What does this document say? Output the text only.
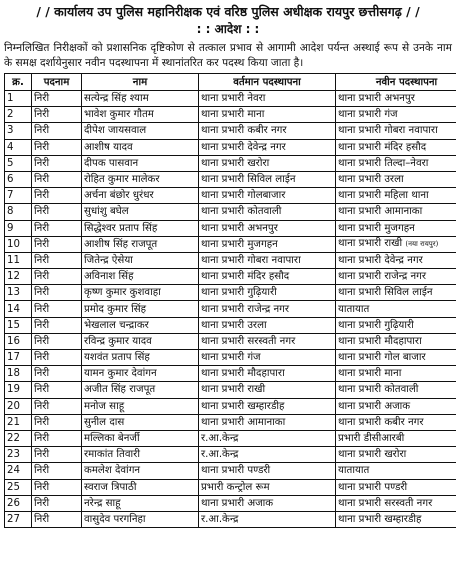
/ / कार्यालय उप पुलिस महानिरीक्षक एवं वरिष्ठ पुलिस अधीक्षक रायपुर छत्तीसगढ़ / /
: : आदेश : :
निम्नलिखित निरीक्षकों को प्रशासनिक दृष्टिकोण से तत्काल प्रभाव से आगामी आदेश पर्यन्त अस्थाई रूप से उनके नाम के समक्ष दर्शायेनुसार नवीन पदस्थापना में स्थानांतरित कर पदस्थ किया जाता है।
क्र.	पदनाम	नाम	वर्तमान पदस्थापना	नवीन पदस्थापना
1	निरी	सत्येन्द्र सिंह श्याम	थाना प्रभारी नेवरा	थाना प्रभारी अभनपुर
2	निरी	भावेश कुमार गौतम	थाना प्रभारी माना	थाना प्रभारी गंज
3	निरी	दीपेश जायसवाल	थाना प्रभारी कबीर नगर	थाना प्रभारी गोबरा नवापारा
4	निरी	आशीष यादव	थाना प्रभारी देवेन्द्र नगर	थाना प्रभारी मंदिर हसौद
5	निरी	दीपक पासवान	थाना प्रभारी खरोरा	थाना प्रभारी तिल्दा–नेवरा
6	निरी	रोहित कुमार मालेकर	थाना प्रभारी सिविल लाईन	थाना प्रभारी उरला
7	निरी	अर्चना बंछोर धुरंधर	थाना प्रभारी गोलबाजार	थाना प्रभारी महिला थाना
8	निरी	सुधांशु बघेल	थाना प्रभारी कोतवाली	थाना प्रभारी आमानाका
9	निरी	सिद्धेश्वर प्रताप सिंह	थाना प्रभारी अभनपुर	थाना प्रभारी मुजगहन
10	निरी	आशीष सिंह राजपूत	थाना प्रभारी मुजगहन	थाना प्रभारी राखी (नया रायपुर)
11	निरी	जितेन्द्र ऐसेया	थाना प्रभारी गोबरा नवापारा	थाना प्रभारी देवेन्द्र नगर
12	निरी	अविनाश सिंह	थाना प्रभारी मंदिर हसौद	थाना प्रभारी राजेन्द्र नगर
13	निरी	कृष्ण कुमार कुशवाहा	थाना प्रभारी गुढ़ियारी	थाना प्रभारी सिविल लाईन
14	निरी	प्रमोद कुमार सिंह	थाना प्रभारी राजेन्द्र नगर	यातायात
15	निरी	भेखलाल चन्द्राकर	थाना प्रभारी उरला	थाना प्रभारी गुढ़ियारी
16	निरी	रविन्द्र कुमार यादव	थाना प्रभारी सरस्वती नगर	थाना प्रभारी मौदहापारा
17	निरी	यशवंत प्रताप सिंह	थाना प्रभारी गंज	थाना प्रभारी गोल बाजार
18	निरी	यामन कुमार देवांगन	थाना प्रभारी मौदहापारा	थाना प्रभारी माना
19	निरी	अजीत सिंह राजपूत	थाना प्रभारी राखी	थाना प्रभारी कोतवाली
20	निरी	मनोज साहू	थाना प्रभारी खम्हारडीह	थाना प्रभारी अजाक
21	निरी	सुनील दास	थाना प्रभारी आमानाका	थाना प्रभारी कबीर नगर
22	निरी	मल्लिका बेनर्जी	र.आ.केन्द्र	प्रभारी डीसीआरबी
23	निरी	रमाकांत तिवारी	र.आ.केन्द्र	थाना प्रभारी खरोरा
24	निरी	कमलेश देवांगन	थाना प्रभारी पण्डरी	यातायात
25	निरी	स्वराज त्रिपाठी	प्रभारी कन्ट्रोल रूम	थाना प्रभारी पण्डरी
26	निरी	नरेन्द्र साहू	थाना प्रभारी अजाक	थाना प्रभारी सरस्वती नगर
27	निरी	वासुदेव परगनिहा	र.आ.केन्द्र	थाना प्रभारी खम्हारडीह
